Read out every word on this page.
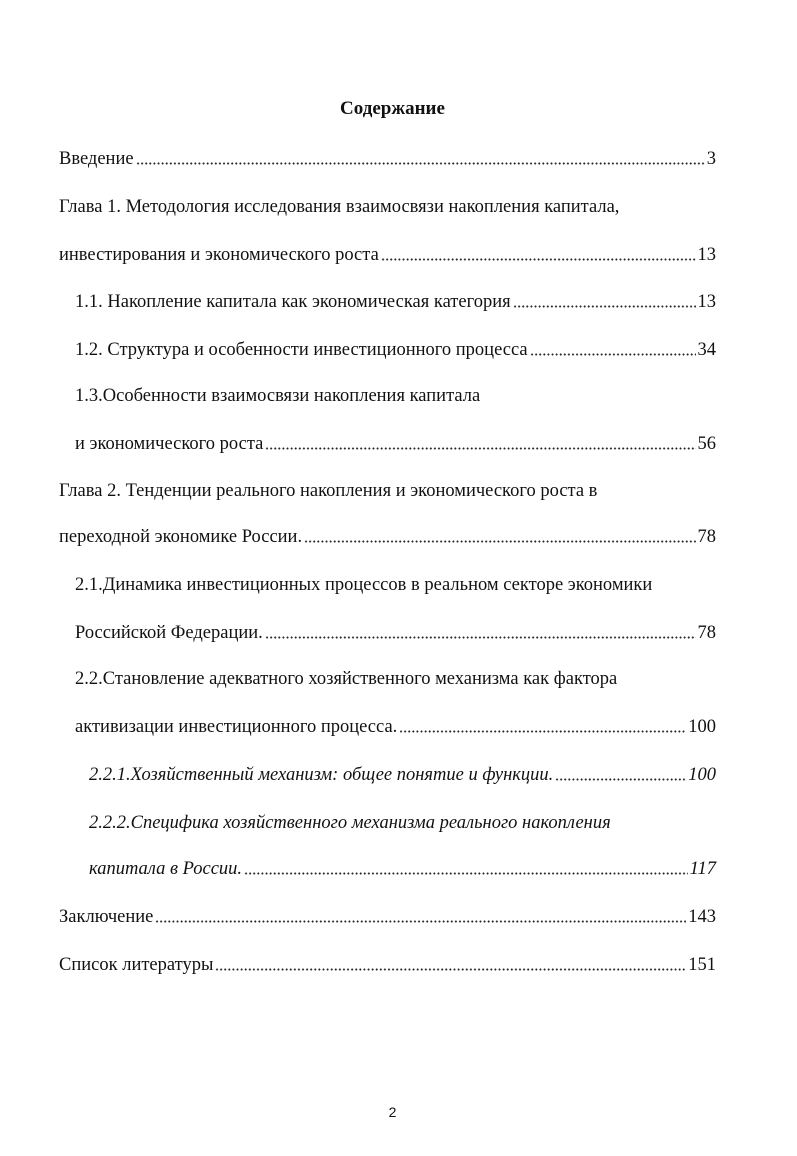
Содержание
Введение	3
Глава 1. Методология исследования взаимосвязи накопления капитала,
инвестирования и экономического роста	13
1.1. Накопление капитала как экономическая категория	13
1.2. Структура и особенности инвестиционного процесса	34
1.3.Особенности взаимосвязи накопления капитала
и экономического роста	56
Глава 2. Тенденции реального накопления и экономического роста в
переходной экономике России.	78
2.1.Динамика инвестиционных процессов в реальном секторе экономики
Российской Федерации.	78
2.2.Становление адекватного хозяйственного механизма как фактора
активизации инвестиционного процесса.	100
2.2.1.Хозяйственный механизм: общее понятие и функции.	100
2.2.2.Специфика хозяйственного механизма реального накопления
капитала в России.	117
Заключение	143
Список литературы	151
2
